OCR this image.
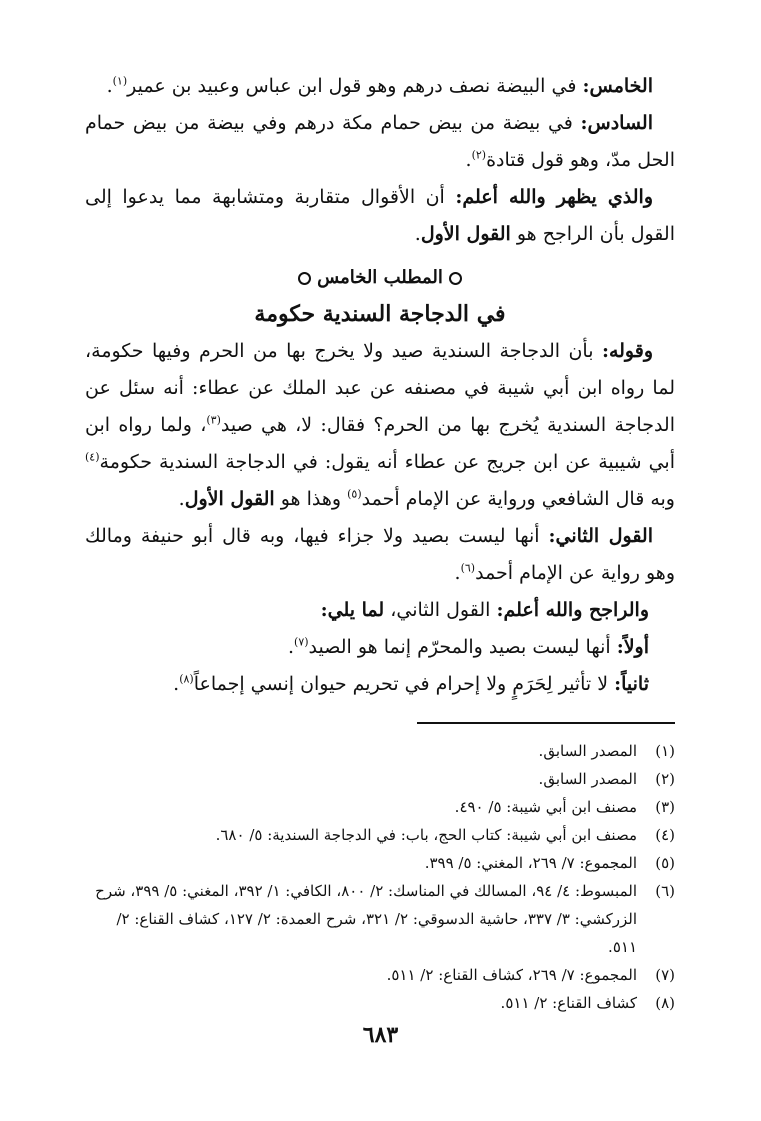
الخامس: في البيضة نصف درهم وهو قول ابن عباس وعبيد بن عمير$^{(١)}$.

السادس: في بيضة من بيض حمام مكة درهم وفي بيضة من بيض حمام الحل مدّ، وهو قول قتادة$^{(٢)}$.

والذي يظهر والله أعلم: أن الأقوال متقاربة ومتشابهة مما يدعوا إلى القول بأن الراجح هو القول الأول.

المطلب الخامس
في الدجاجة السندية حكومة

وقوله: بأن الدجاجة السندية صيد ولا يخرج بها من الحرم وفيها حكومة، لما رواه ابن أبي شيبة في مصنفه عن عبد الملك عن عطاء: أنه سئل عن الدجاجة السندية يُخرج بها من الحرم؟ فقال: لا، هي صيد$^{(٣)}$، ولما رواه ابن أبي شيبية عن ابن جريج عن عطاء أنه يقول: في الدجاجة السندية حكومة$^{(٤)}$ وبه قال الشافعي ورواية عن الإمام أحمد$^{(٥)}$ وهذا هو القول الأول.

القول الثاني: أنها ليست بصيد ولا جزاء فيها، وبه قال أبو حنيفة ومالك وهو رواية عن الإمام أحمد$^{(٦)}$.

والراجح والله أعلم: القول الثاني، لما يلي:

أولاً: أنها ليست بصيد والمحرّم إنما هو الصيد$^{(٧)}$.

ثانياً: لا تأثير لِحَرَمٍ ولا إحرام في تحريم حيوان إنسي إجماعاً$^{(٨)}$.

(١)
المصدر السابق.
(٢)
المصدر السابق.
(٣)
مصنف ابن أبي شيبة: ٥/ ٤٩٠.
(٤)
مصنف ابن أبي شيبة: كتاب الحج، باب: في الدجاجة السندية: ٥/ ٦٨٠.
(٥)
المجموع: ٧/ ٢٦٩، المغني: ٥/ ٣٩٩.
(٦)
المبسوط: ٤/ ٩٤، المسالك في المناسك: ٢/ ٨٠٠، الكافي: ١/ ٣٩٢، المغني: ٥/ ٣٩٩، شرح الزركشي: ٣/ ٣٣٧، حاشية الدسوقي: ٢/ ٣٢١، شرح العمدة: ٢/ ١٢٧، كشاف القناع: ٢/ ٥١١.
(٧)
المجموع: ٧/ ٢٦٩، كشاف القناع: ٢/ ٥١١.
(٨)
كشاف القناع: ٢/ ٥١١.
٦٨٣
